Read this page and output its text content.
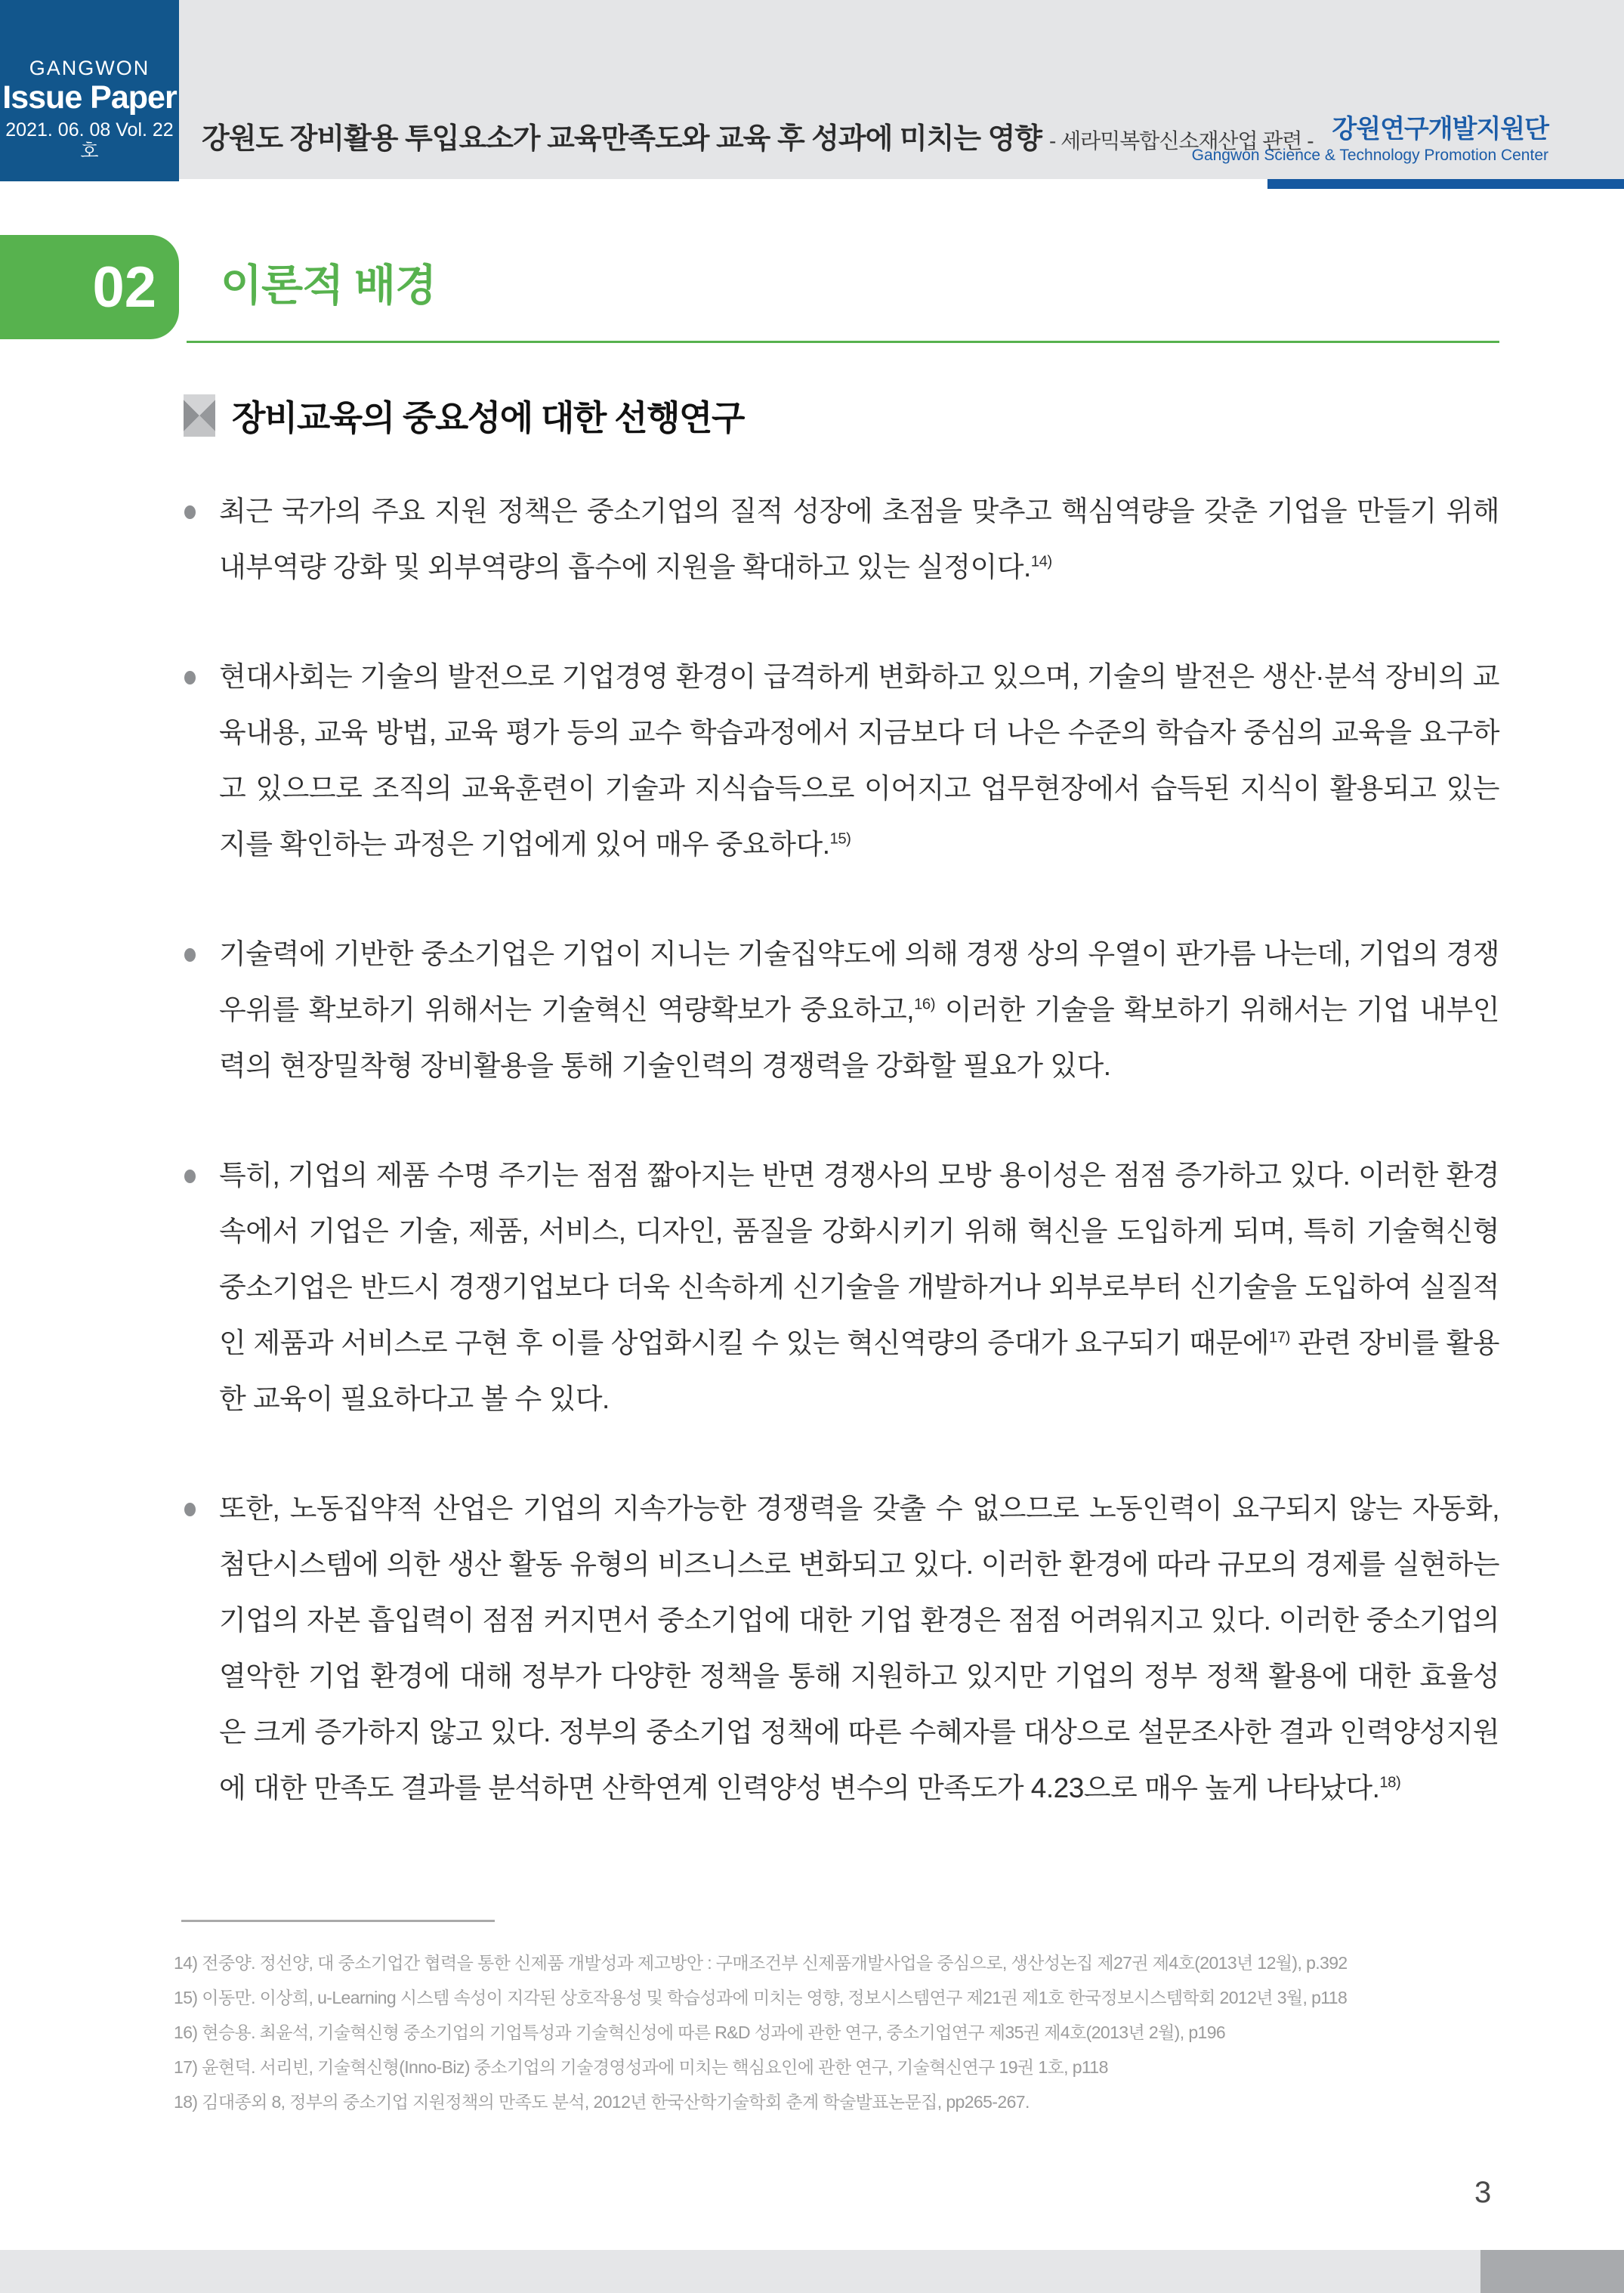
강원도 장비활용 투입요소가 교육만족도와 교육 후 성과에 미치는 영향 - 세라믹복합신소재산업 관련 - 강원연구개발지원단
Gangwon Science & Technology Promotion Center
GANGWON
Issue Paper
2021. 06. 08 Vol. 22호
02 이론적 배경
장비교육의 중요성에 대한 선행연구
최근 국가의 주요 지원 정책은 중소기업의 질적 성장에 초점을 맞추고 핵심역량을 갖춘 기업을 만들기 위해 내부역량 강화 및 외부역량의 흡수에 지원을 확대하고 있는 실정이다.$^{14)}$
현대사회는 기술의 발전으로 기업경영 환경이 급격하게 변화하고 있으며, 기술의 발전은 생산·분석 장비의 교육내용, 교육 방법, 교육 평가 등의 교수 학습과정에서 지금보다 더 나은 수준의 학습자 중심의 교육을 요구하고 있으므로 조직의 교육훈련이 기술과 지식습득으로 이어지고 업무현장에서 습득된 지식이 활용되고 있는 지를 확인하는 과정은 기업에게 있어 매우 중요하다.$^{15)}$
기술력에 기반한 중소기업은 기업이 지니는 기술집약도에 의해 경쟁 상의 우열이 판가름 나는데, 기업의 경쟁우위를 확보하기 위해서는 기술혁신 역량확보가 중요하고,$^{16)}$ 이러한 기술을 확보하기 위해서는 기업 내부인력의 현장밀착형 장비활용을 통해 기술인력의 경쟁력을 강화할 필요가 있다.
특히, 기업의 제품 수명 주기는 점점 짧아지는 반면 경쟁사의 모방 용이성은 점점 증가하고 있다. 이러한 환경속에서 기업은 기술, 제품, 서비스, 디자인, 품질을 강화시키기 위해 혁신을 도입하게 되며, 특히 기술혁신형 중소기업은 반드시 경쟁기업보다 더욱 신속하게 신기술을 개발하거나 외부로부터 신기술을 도입하여 실질적인 제품과 서비스로 구현 후 이를 상업화시킬 수 있는 혁신역량의 증대가 요구되기 때문에$^{17)}$ 관련 장비를 활용한 교육이 필요하다고 볼 수 있다.
또한, 노동집약적 산업은 기업의 지속가능한 경쟁력을 갖출 수 없으므로 노동인력이 요구되지 않는 자동화, 첨단시스템에 의한 생산 활동 유형의 비즈니스로 변화되고 있다. 이러한 환경에 따라 규모의 경제를 실현하는 기업의 자본 흡입력이 점점 커지면서 중소기업에 대한 기업 환경은 점점 어려워지고 있다. 이러한 중소기업의 열악한 기업 환경에 대해 정부가 다양한 정책을 통해 지원하고 있지만 기업의 정부 정책 활용에 대한 효율성은 크게 증가하지 않고 있다. 정부의 중소기업 정책에 따른 수혜자를 대상으로 설문조사한 결과 인력양성지원에 대한 만족도 결과를 분석하면 산학연계 인력양성 변수의 만족도가 4.23으로 매우 높게 나타났다.$^{18)}$
14) 전중양. 정선양, 대 중소기업간 협력을 통한 신제품 개발성과 제고방안 : 구매조건부 신제품개발사업을 중심으로, 생산성논집 제27권 제4호(2013년 12월), p.392
15) 이동만. 이상희, u-Learning 시스템 속성이 지각된 상호작용성 및 학습성과에 미치는 영향, 정보시스템연구 제21권 제1호 한국정보시스템학회 2012년 3월, p118
16) 현승용. 최윤석, 기술혁신형 중소기업의 기업특성과 기술혁신성에 따른 R&D 성과에 관한 연구, 중소기업연구 제35권 제4호(2013년 2월), p196
17) 윤현덕. 서리빈, 기술혁신형(Inno-Biz) 중소기업의 기술경영성과에 미치는 핵심요인에 관한 연구, 기술혁신연구 19권 1호, p118
18) 김대종외 8, 정부의 중소기업 지원정책의 만족도 분석, 2012년 한국산학기술학회 춘계 학술발표논문집, pp265-267.
3
